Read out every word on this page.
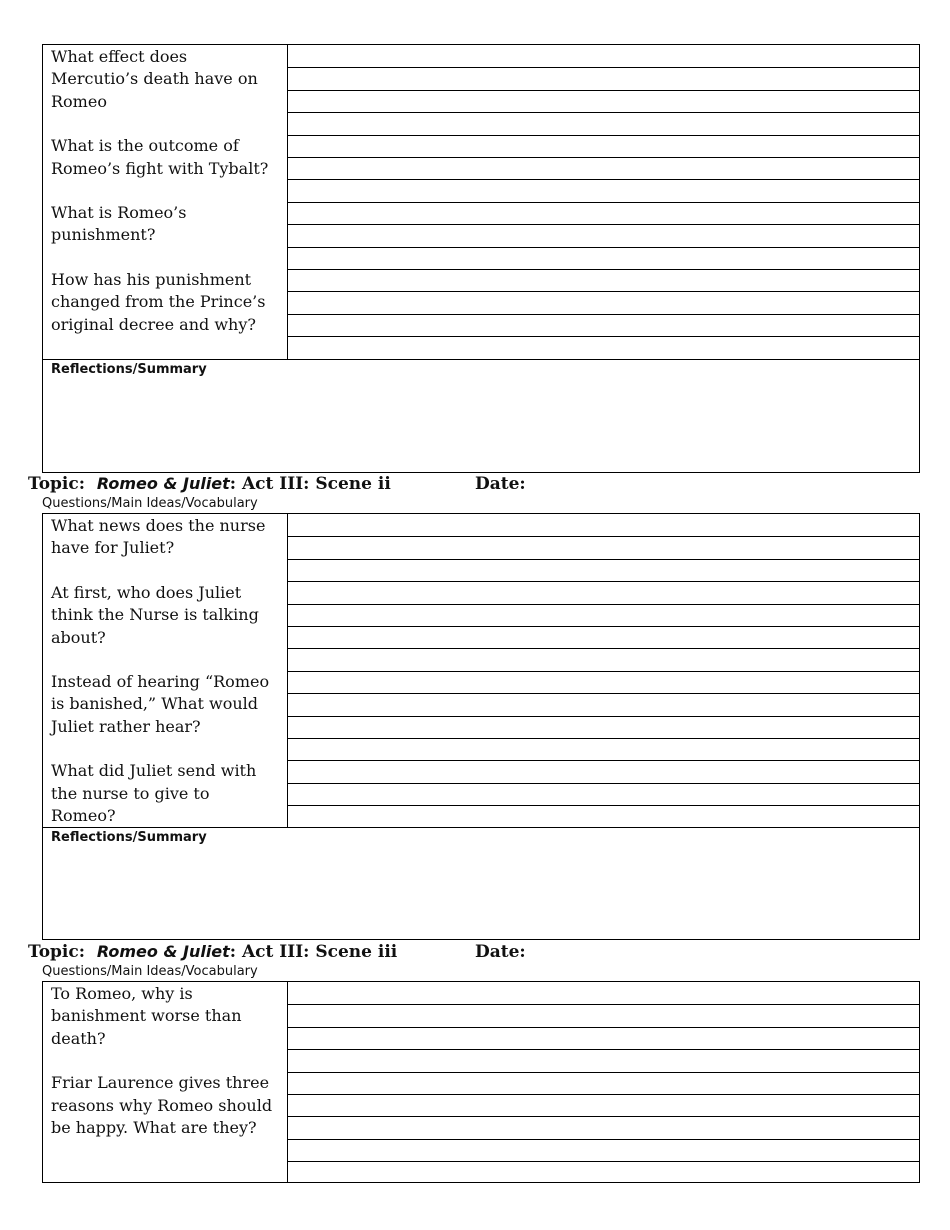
What effect does Mercutio’s death have on Romeo

What is the outcome of Romeo’s fight with Tybalt?

What is Romeo’s punishment?

How has his punishment changed from the Prince’s original decree and why?

Reflections/Summary
Topic: Romeo & Juliet: Act III: Scene ii	Date:
Questions/Main Ideas/Vocabulary

What news does the nurse have for Juliet?

At first, who does Juliet think the Nurse is talking about?

Instead of hearing “Romeo is banished,” What would Juliet rather hear?

What did Juliet send with the nurse to give to Romeo?

Reflections/Summary
Topic: Romeo & Juliet: Act III: Scene iii	Date:
Questions/Main Ideas/Vocabulary

To Romeo, why is banishment worse than death?

Friar Laurence gives three reasons why Romeo should be happy. What are they?
